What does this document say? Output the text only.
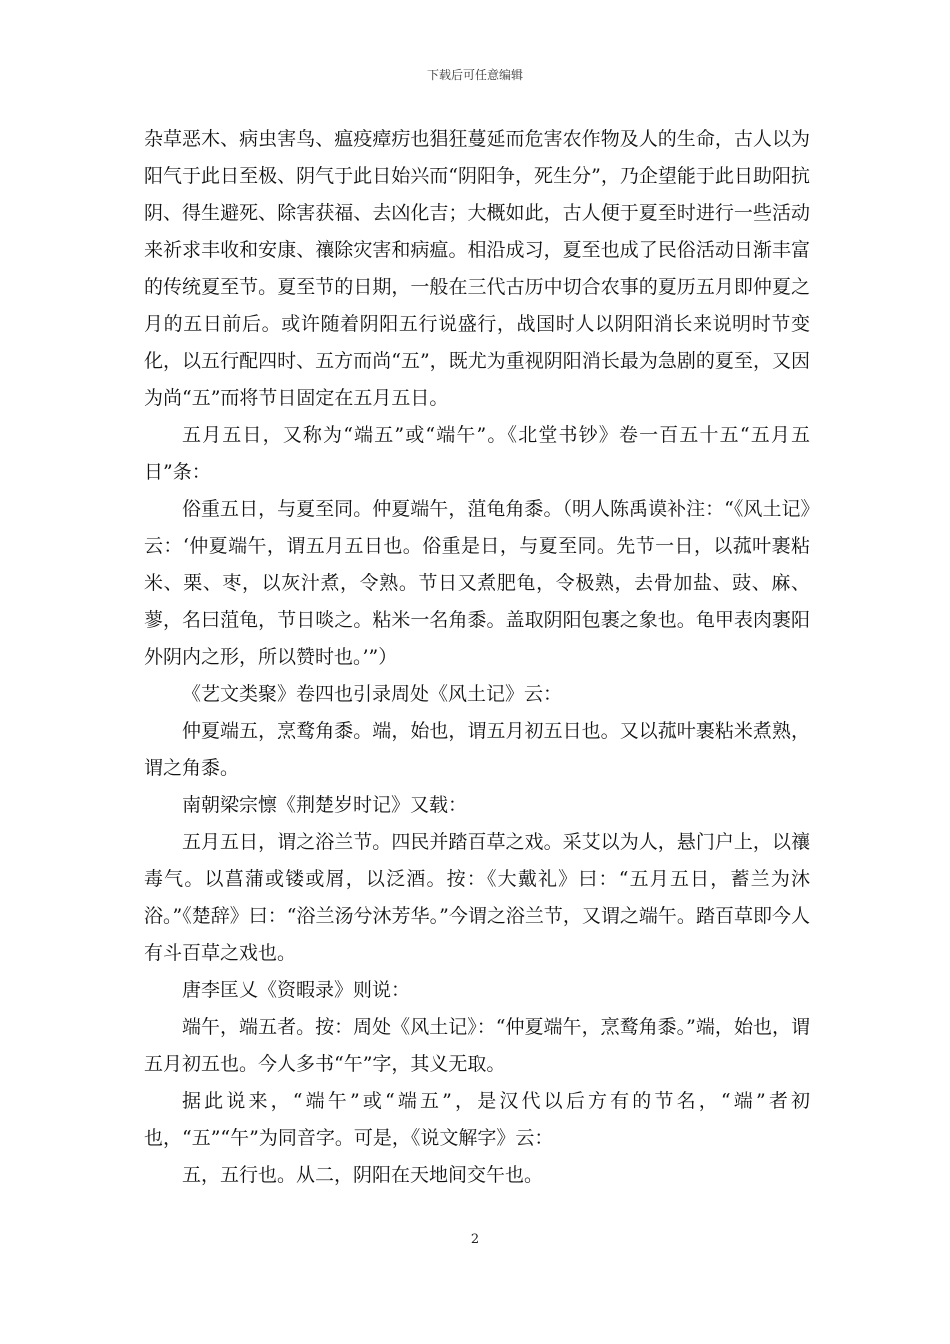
下载后可任意编辑

杂草恶木、病虫害鸟、瘟疫瘴疠也猖狂蔓延而危害农作物及人的生命，古人以为阳气于此日至极、阴气于此日始兴而“阴阳争，死生分”，乃企望能于此日助阳抗阴、得生避死、除害获福、去凶化吉；大概如此，古人便于夏至时进行一些活动来祈求丰收和安康、禳除灾害和病瘟。相沿成习，夏至也成了民俗活动日渐丰富的传统夏至节。夏至节的日期，一般在三代古历中切合农事的夏历五月即仲夏之月的五日前后。或许随着阴阳五行说盛行，战国时人以阴阳消长来说明时节变化，以五行配四时、五方而尚“五”，既尤为重视阴阳消长最为急剧的夏至，又因为尚“五”而将节日固定在五月五日。

五月五日，又称为“端五”或“端午”。《北堂书钞》卷一百五十五“五月五日”条：

俗重五日，与夏至同。仲夏端午，菹龟角黍。（明人陈禹谟补注：“《风土记》云：‘仲夏端午，谓五月五日也。俗重是日，与夏至同。先节一日，以菰叶裹粘米、栗、枣，以灰汁煮，令熟。节日又煮肥龟，令极熟，去骨加盐、豉、麻、蓼，名曰菹龟，节日啖之。粘米一名角黍。盖取阴阳包裹之象也。龟甲表肉裹阳外阴内之形，所以赞时也。’”）

《艺文类聚》卷四也引录周处《风土记》云：

仲夏端五，烹鹜角黍。端，始也，谓五月初五日也。又以菰叶裹粘米煮熟，谓之角黍。

南朝梁宗懔《荆楚岁时记》又载：

五月五日，谓之浴兰节。四民并踏百草之戏。采艾以为人，悬门户上，以禳毒气。以菖蒲或镂或屑，以泛酒。按：《大戴礼》曰：“五月五日，蓄兰为沐浴。”《楚辞》曰：“浴兰汤兮沐芳华。”今谓之浴兰节，又谓之端午。踏百草即今人有斗百草之戏也。

唐李匡乂《资暇录》则说：

端午，端五者。按：周处《风土记》：“仲夏端午，烹鹜角黍。”端，始也，谓五月初五也。今人多书“午”字，其义无取。

据此说来，“端午”或“端五”，是汉代以后方有的节名，“端”者初也，“五”“午”为同音字。可是，《说文解字》云：

五，五行也。从二，阴阳在天地间交午也。

2
